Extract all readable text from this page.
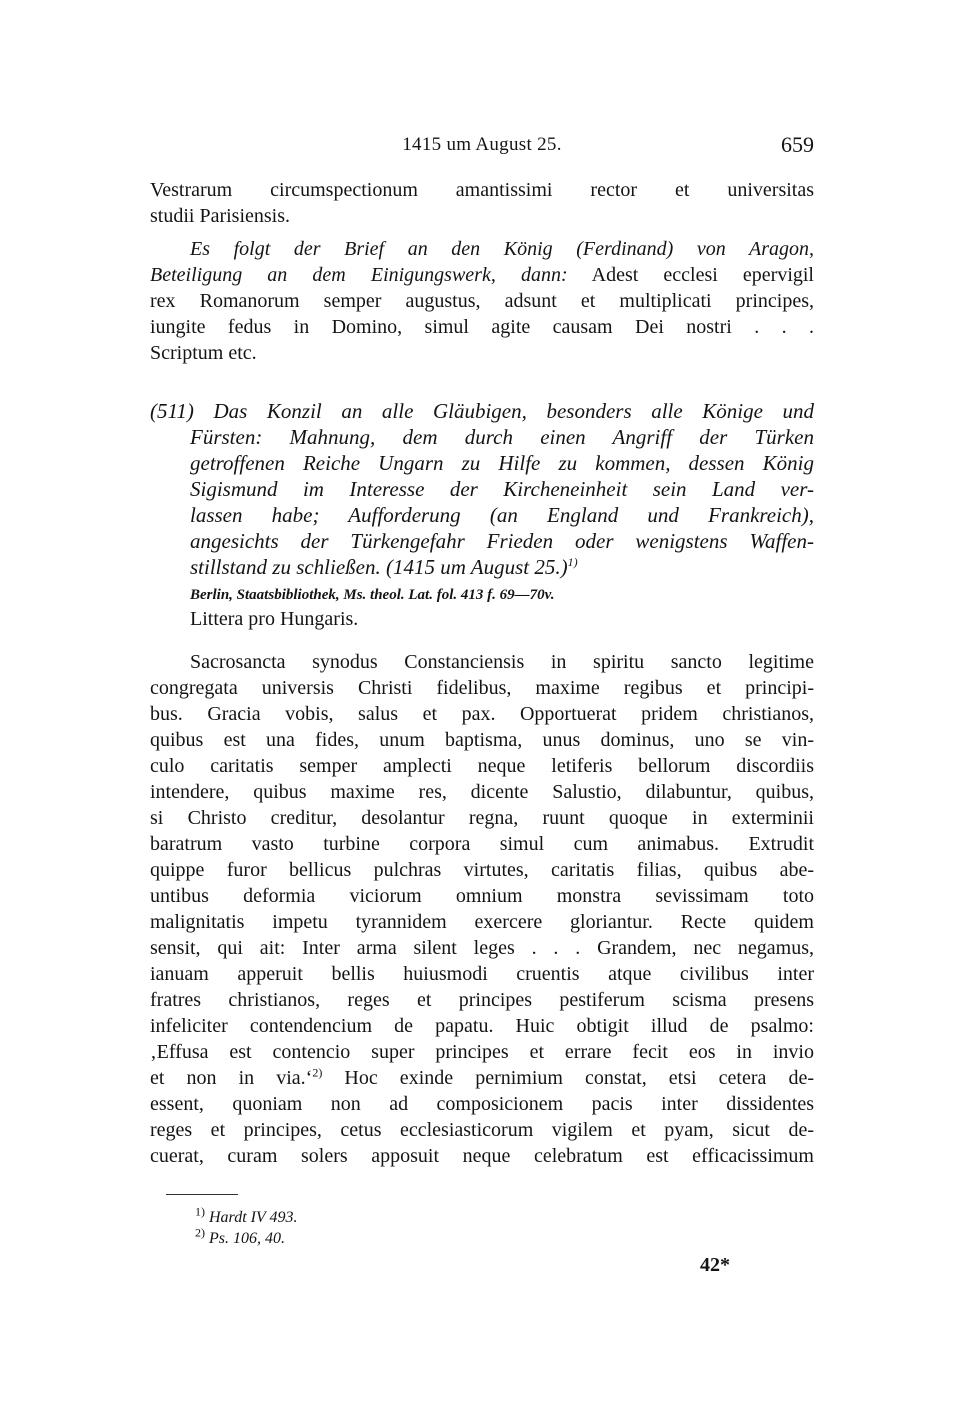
1415 um August 25.	659
Vestrarum circumspectionum amantissimi rector et universitas
studii Parisiensis.
Es folgt der Brief an den König (Ferdinand) von Aragon,
Beteiligung an dem Einigungswerk, dann: Adest ecclesi epervigil
rex Romanorum semper augustus, adsunt et multiplicati principes,
iungite fedus in Domino, simul agite causam Dei nostri . . .
Scriptum etc.
(511) Das Konzil an alle Gläubigen, besonders alle Könige und
Fürsten: Mahnung, dem durch einen Angriff der Türken
getroffenen Reiche Ungarn zu Hilfe zu kommen, dessen König
Sigismund im Interesse der Kircheneinheit sein Land ver-
lassen habe; Aufforderung (an England und Frankreich),
angesichts der Türkengefahr Frieden oder wenigstens Waffen-
stillstand zu schließen. (1415 um August 25.)$^{1)}$
Berlin, Staatsbibliothek, Ms. theol. Lat. fol. 413 f. 69—70v.
Littera pro Hungaris.
Sacrosancta synodus Constanciensis in spiritu sancto legitime
congregata universis Christi fidelibus, maxime regibus et principi-
bus. Gracia vobis, salus et pax. Opportuerat pridem christianos,
quibus est una fides, unum baptisma, unus dominus, uno se vin-
culo caritatis semper amplecti neque letiferis bellorum discordiis
intendere, quibus maxime res, dicente Salustio, dilabuntur, quibus,
si Christo creditur, desolantur regna, ruunt quoque in exterminii
baratrum vasto turbine corpora simul cum animabus. Extrudit
quippe furor bellicus pulchras virtutes, caritatis filias, quibus abe-
untibus deformia viciorum omnium monstra sevissimam toto
malignitatis impetu tyrannidem exercere gloriantur. Recte quidem
sensit, qui ait: Inter arma silent leges . . . Grandem, nec negamus,
ianuam apperuit bellis huiusmodi cruentis atque civilibus inter
fratres christianos, reges et principes pestiferum scisma presens
infeliciter contendencium de papatu. Huic obtigit illud de psalmo:
‚Effusa est contencio super principes et errare fecit eos in invio
et non in via.‘$^{2)}$ Hoc exinde pernimium constat, etsi cetera de-
essent, quoniam non ad composicionem pacis inter dissidentes
reges et principes, cetus ecclesiasticorum vigilem et pyam, sicut de-
cuerat, curam solers apposuit neque celebratum est efficacissimum
$^{1)}$ Hardt IV 493.
$^{2)}$ Ps. 106, 40.
42*
